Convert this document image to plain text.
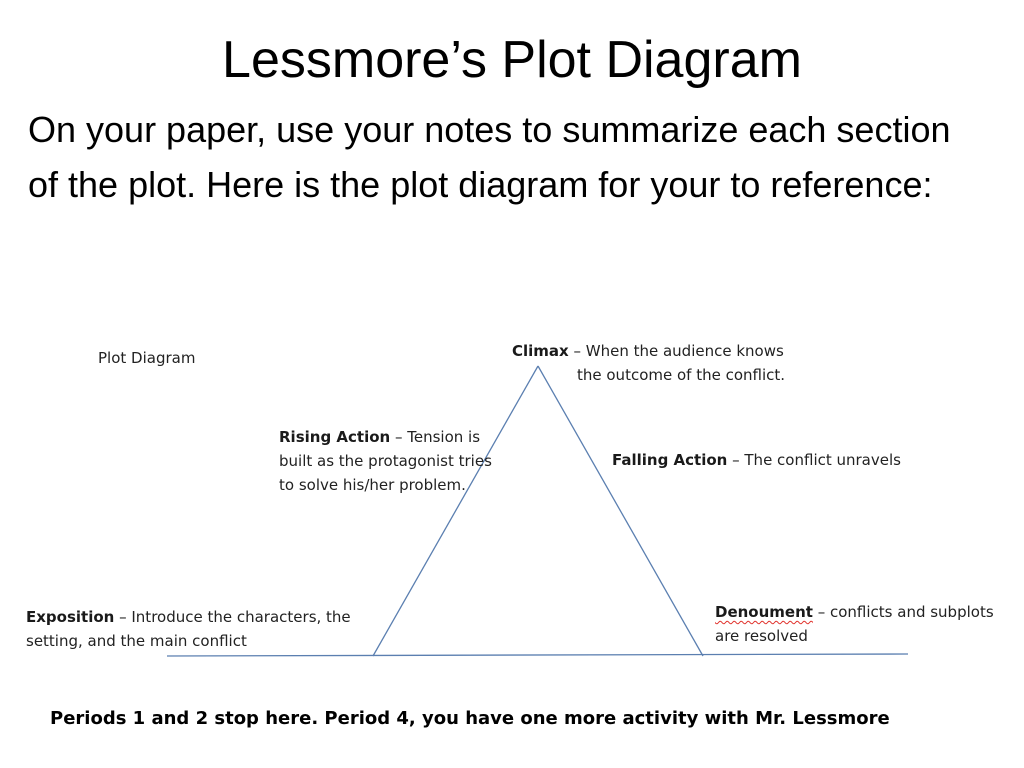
Lessmore’s Plot Diagram
On your paper, use your notes to summarize each section of the plot. Here is the plot diagram for your to reference:
Plot Diagram	Climax – When the audience knows
the outcome of the conflict.
Rising Action – Tension is built as the protagonist tries to solve his/her problem.
Falling Action – The conflict unravels
Exposition – Introduce the characters, the setting, and the main conflict
Denoument – conflicts and subplots are resolved
Periods 1 and 2 stop here. Period 4, you have one more activity with Mr. Lessmore
